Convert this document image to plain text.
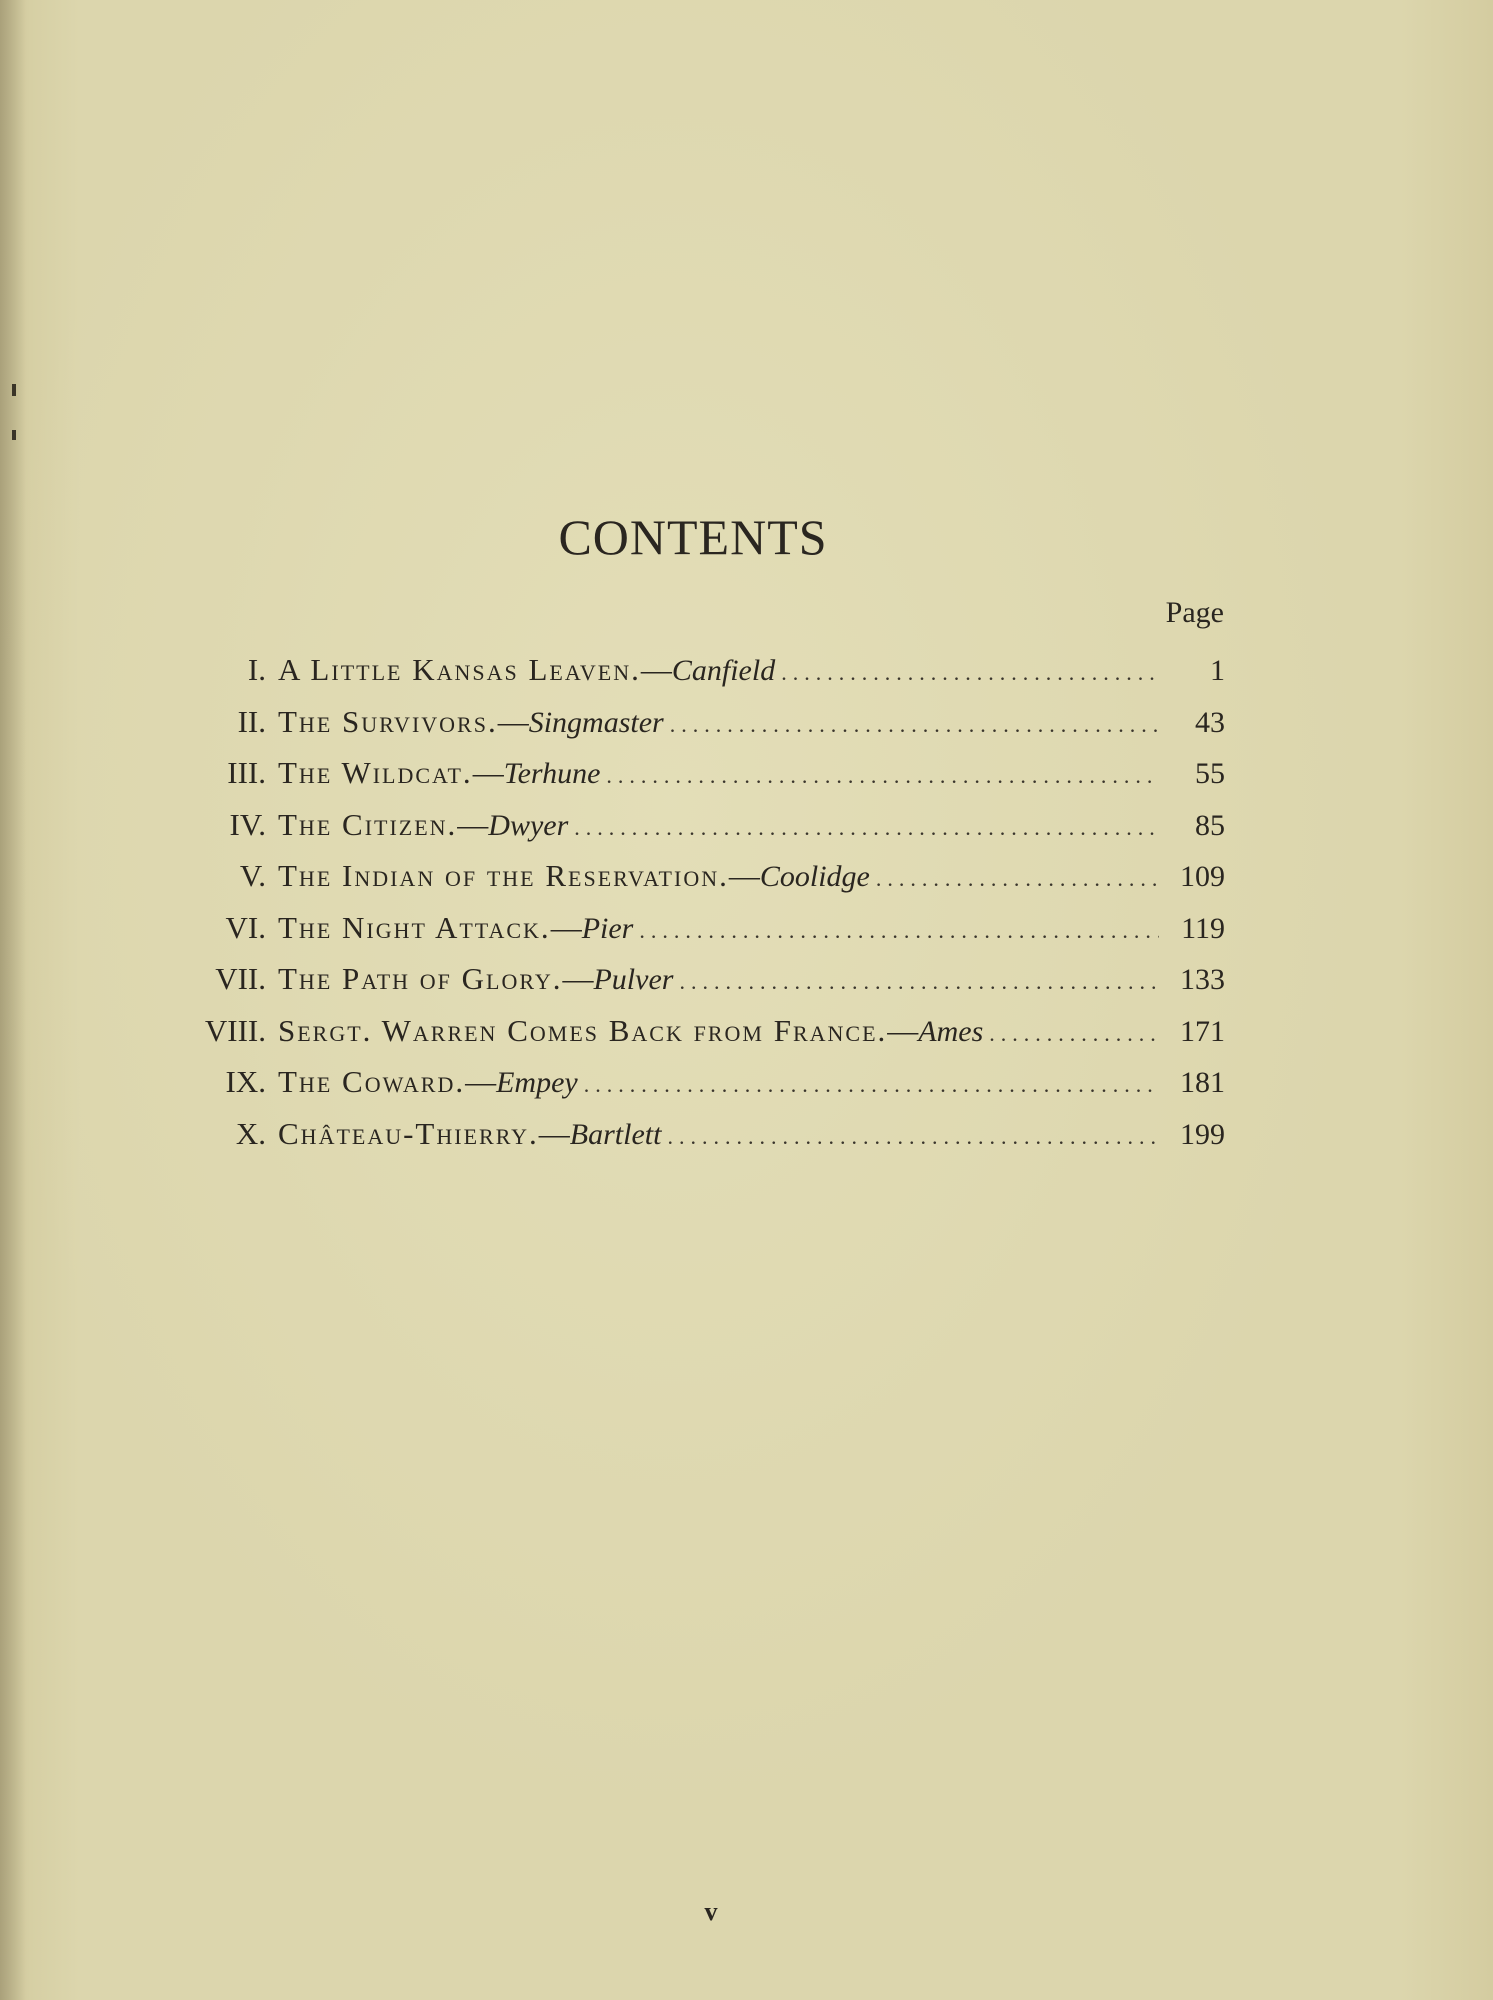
CONTENTS
Page
I. A Little Kansas Leaven. — Canfield .....	1
II. The Survivors. — Singmaster .....	43
III. The Wildcat. — Terhune .....	55
IV. The Citizen. — Dwyer .....	85
V. The Indian of the Reservation. — Coolidge .....	109
VI. The Night Attack. — Pier .....	119
VII. The Path of Glory. — Pulver .....	133
VIII. Sergt. Warren Comes Back from France. — Ames .....	171
IX. The Coward. — Empey .....	181
X. Château-Thierry. — Bartlett .....	199
v
